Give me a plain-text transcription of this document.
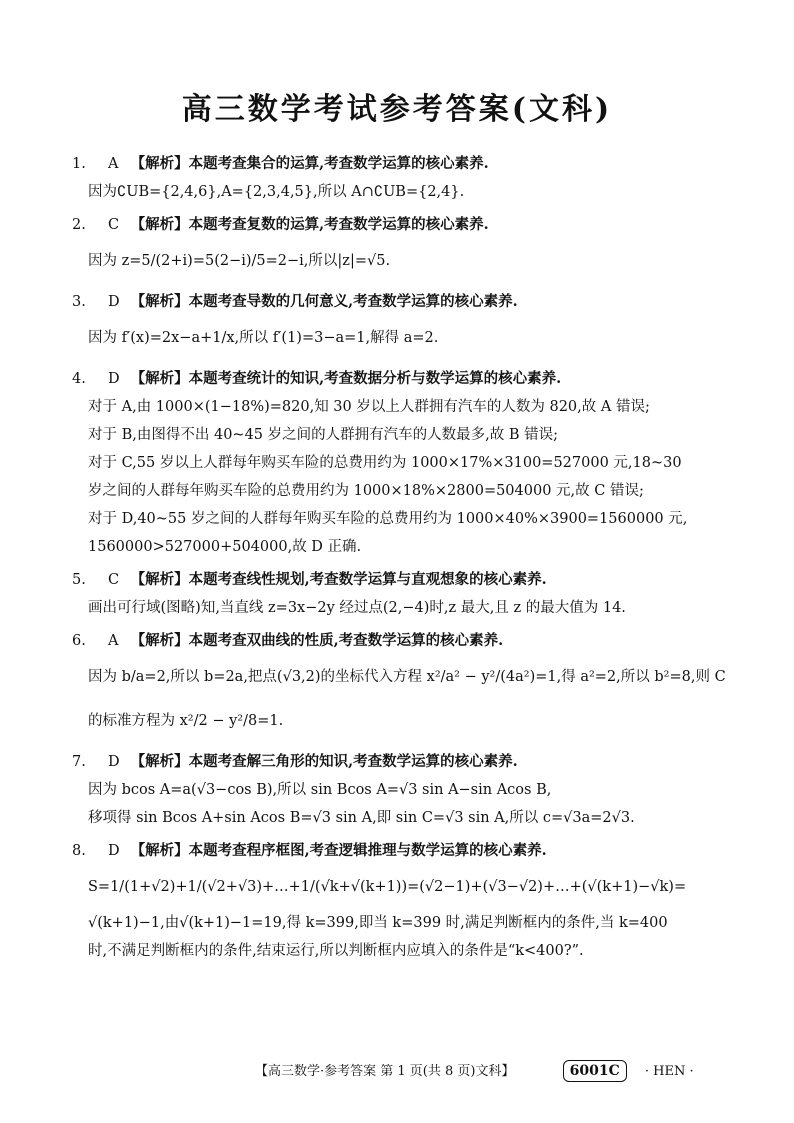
高三数学考试参考答案(文科)
1. A 【解析】本题考查集合的运算,考查数学运算的核心素养.
因为∁UB={2,4,6},A={2,3,4,5},所以 A∩∁UB={2,4}.
2. C 【解析】本题考查复数的运算,考查数学运算的核心素养.
因为 z=5/(2+i)=5(2−i)/5=2−i,所以|z|=√5.
3. D 【解析】本题考查导数的几何意义,考查数学运算的核心素养.
因为 f′(x)=2x−a+1/x,所以 f′(1)=3−a=1,解得 a=2.
4. D 【解析】本题考查统计的知识,考查数据分析与数学运算的核心素养.
对于 A,由 1000×(1−18%)=820,知 30 岁以上人群拥有汽车的人数为 820,故 A 错误;
对于 B,由图得不出 40~45 岁之间的人群拥有汽车的人数最多,故 B 错误;
对于 C,55 岁以上人群每年购买车险的总费用约为 1000×17%×3100=527000 元,18~30
岁之间的人群每年购买车险的总费用约为 1000×18%×2800=504000 元,故 C 错误;
对于 D,40~55 岁之间的人群每年购买车险的总费用约为 1000×40%×3900=1560000 元,
1560000>527000+504000,故 D 正确.
5. C 【解析】本题考查线性规划,考查数学运算与直观想象的核心素养.
画出可行域(图略)知,当直线 z=3x−2y 经过点(2,−4)时,z 最大,且 z 的最大值为 14.
6. A 【解析】本题考查双曲线的性质,考查数学运算的核心素养.
因为 b/a=2,所以 b=2a,把点(√3,2)的坐标代入方程 x²/a² − y²/(4a²)=1,得 a²=2,所以 b²=8,则 C
的标准方程为 x²/2 − y²/8=1.
7. D 【解析】本题考查解三角形的知识,考查数学运算的核心素养.
因为 bcos A=a(√3−cos B),所以 sin Bcos A=√3 sin A−sin Acos B,
移项得 sin Bcos A+sin Acos B=√3 sin A,即 sin C=√3 sin A,所以 c=√3a=2√3.
8. D 【解析】本题考查程序框图,考查逻辑推理与数学运算的核心素养.
S=1/(1+√2)+1/(√2+√3)+…+1/(√k+√(k+1))=(√2−1)+(√3−√2)+…+(√(k+1)−√k)=
√(k+1)−1,由√(k+1)−1=19,得 k=399,即当 k=399 时,满足判断框内的条件,当 k=400
时,不满足判断框内的条件,结束运行,所以判断框内应填入的条件是“k<400?”.
【高三数学·参考答案 第 1 页(共 8 页)文科】	6001C · HEN ·
